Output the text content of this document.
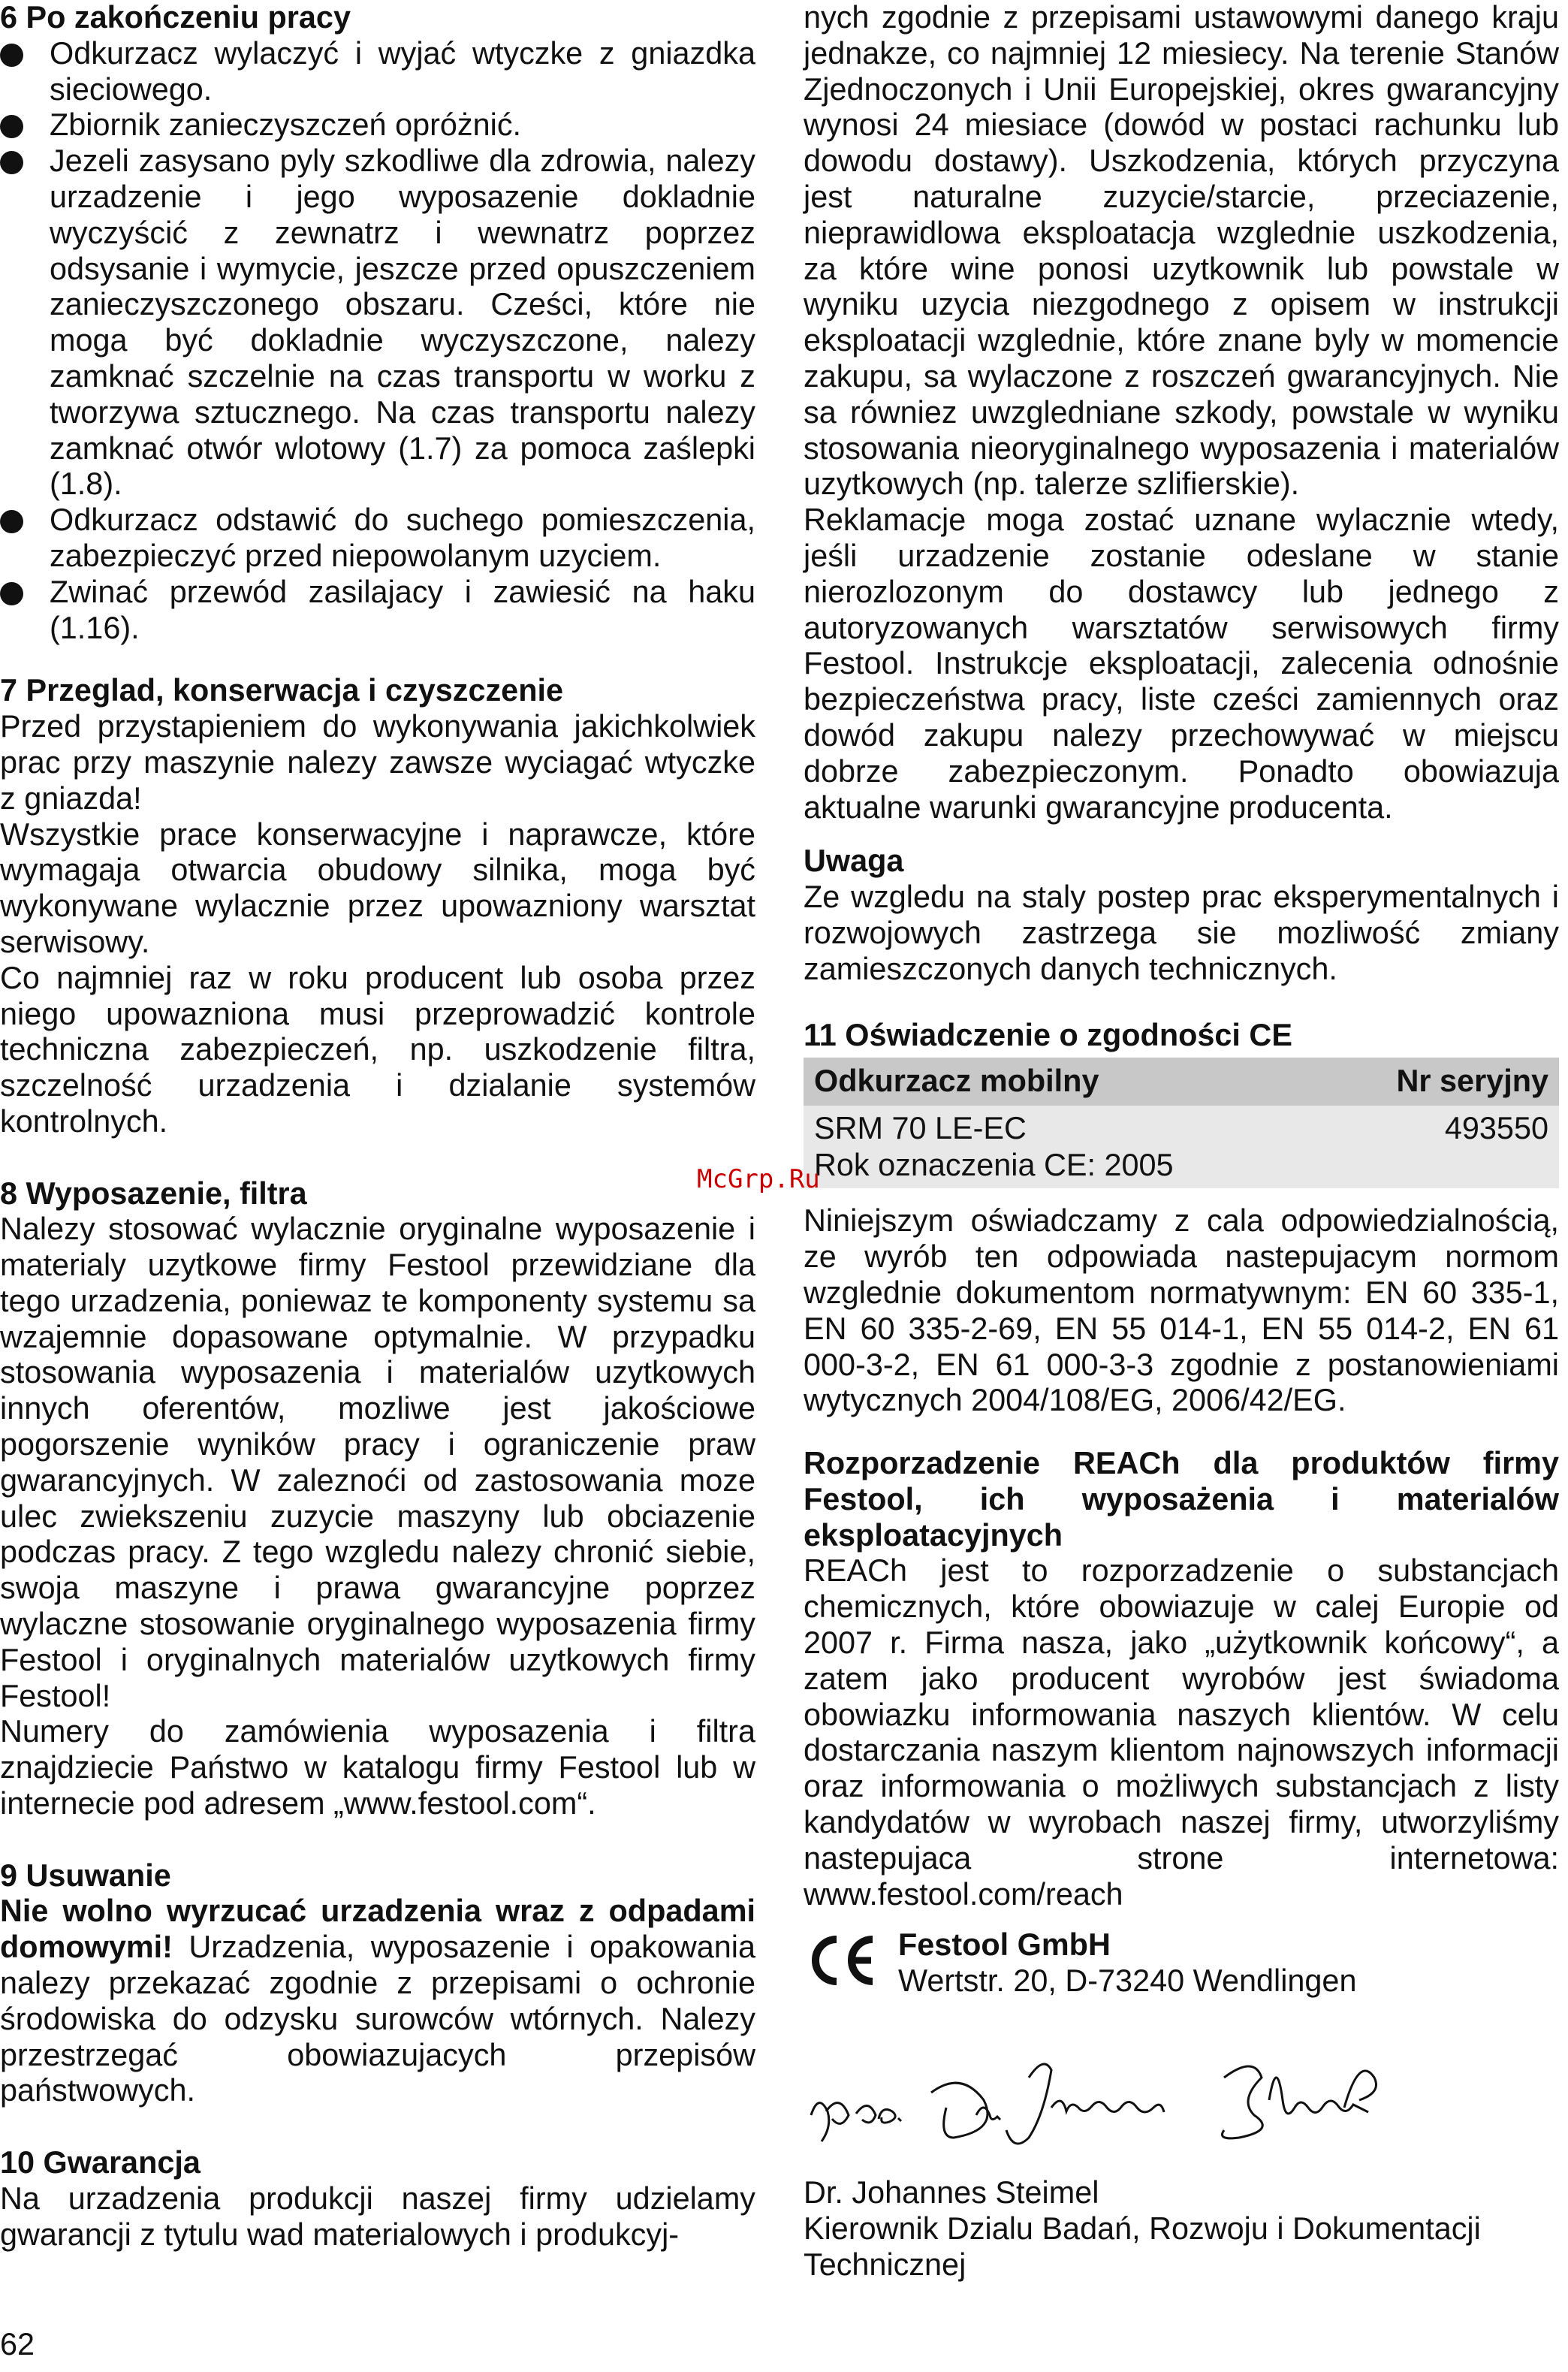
6 Po zakończeniu pracy
Odkurzacz wylaczyć i wyjać wtyczke z gniazdka sieciowego.
Zbiornik zanieczyszczeń opróżnić.
Jezeli zasysano pyly szkodliwe dla zdrowia, nalezy urzadzenie i jego wyposazenie dokladnie wyczyścić z zewnatrz i wewnatrz poprzez odsysanie i wymycie, jeszcze przed opuszczeniem zanieczyszczonego obszaru. Cześci, które nie moga być dokladnie wyczyszczone, nalezy zamknać szczelnie na czas transportu w worku z tworzywa sztucznego. Na czas transportu nalezy zamknać otwór wlotowy (1.7) za pomoca zaślepki (1.8).
Odkurzacz odstawić do suchego pomieszczenia, zabezpieczyć przed niepowolanym uzyciem.
Zwinać przewód zasilajacy i zawiesić na haku (1.16).
7 Przeglad, konserwacja i czyszczenie

Przed przystapieniem do wykonywania jakichkolwiek prac przy maszynie nalezy zawsze wyciagać wtyczke z gniazda!

Wszystkie prace konserwacyjne i naprawcze, które wymagaja otwarcia obudowy silnika, moga być wykonywane wylacznie przez upowazniony warsztat serwisowy.

Co najmniej raz w roku producent lub osoba przez niego upowazniona musi przeprowadzić kontrole techniczna zabezpieczeń, np. uszkodzenie filtra, szczelność urzadzenia i dzialanie systemów kontrolnych.

8 Wyposazenie, filtra

Nalezy stosować wylacznie oryginalne wyposazenie i materialy uzytkowe firmy Festool przewidziane dla tego urzadzenia, poniewaz te komponenty systemu sa wzajemnie dopasowane optymalnie. W przypadku stosowania wyposazenia i materialów uzytkowych innych oferentów, mozliwe jest jakościowe pogorszenie wyników pracy i ograniczenie praw gwarancyjnych. W zaleznoći od zastosowania moze ulec zwiekszeniu zuzycie maszyny lub obciazenie podczas pracy. Z tego wzgledu nalezy chronić siebie, swoja maszyne i prawa gwarancyjne poprzez wylaczne stosowanie oryginalnego wyposazenia firmy Festool i oryginalnych materialów uzytkowych firmy Festool!

Numery do zamówienia wyposazenia i filtra znajdziecie Państwo w katalogu firmy Festool lub w internecie pod adresem „www.festool.com“.

9 Usuwanie

Nie wolno wyrzucać urzadzenia wraz z odpadami domowymi! Urzadzenia, wyposazenie i opakowania nalezy przekazać zgodnie z przepisami o ochronie środowiska do odzysku surowców wtórnych. Nalezy przestrzegać obowiazujacych przepisów państwowych.

10 Gwarancja

Na urzadzenia produkcji naszej firmy udzielamy gwarancji z tytulu wad materialowych i produkcyj-

nych zgodnie z przepisami ustawowymi danego kraju jednakze, co najmniej 12 miesiecy. Na terenie Stanów Zjednoczonych i Unii Europejskiej, okres gwarancyjny wynosi 24 miesiace (dowód w postaci rachunku lub dowodu dostawy). Uszkodzenia, których przyczyna jest naturalne zuzycie/starcie, przeciazenie, nieprawidlowa eksploatacja wzglednie uszkodzenia, za które wine ponosi uzytkownik lub powstale w wyniku uzycia niezgodnego z opisem w instrukcji eksploatacji wzglednie, które znane byly w momencie zakupu, sa wylaczone z roszczeń gwarancyjnych. Nie sa równiez uwzgledniane szkody, powstale w wyniku stosowania nieoryginalnego wyposazenia i materialów uzytkowych (np. talerze szlifierskie).

Reklamacje moga zostać uznane wylacznie wtedy, jeśli urzadzenie zostanie odeslane w stanie nierozlozonym do dostawcy lub jednego z autoryzowanych warsztatów serwisowych firmy Festool. Instrukcje eksploatacji, zalecenia odnośnie bezpieczeństwa pracy, liste cześci zamiennych oraz dowód zakupu nalezy przechowywać w miejscu dobrze zabezpieczonym. Ponadto obowiazuja aktualne warunki gwarancyjne producenta.

Uwaga

Ze wzgledu na staly postep prac eksperymentalnych i rozwojowych zastrzega sie mozliwość zmiany zamieszczonych danych technicznych.

11 Oświadczenie o zgodności CE
Odkurzacz mobilny	Nr seryjny
SRM 70 LE-EC	493550
Rok oznaczenia CE: 2005	

Niniejszym oświadczamy z cala odpowiedzialnością, ze wyrób ten odpowiada nastepujacym normom wzglednie dokumentom normatywnym: EN 60 335-1, EN 60 335-2-69, EN 55 014-1, EN 55 014-2, EN 61 000-3-2, EN 61 000-3-3 zgodnie z postanowieniami wytycznych 2004/108/EG, 2006/42/EG.

Rozporzadzenie REACh dla produktów firmy Festool, ich wyposażenia i materialów eksploatacyjnych

REACh jest to rozporzadzenie o substancjach chemicznych, które obowiazuje w calej Europie od 2007 r. Firma nasza, jako „użytkownik końcowy“, a zatem jako producent wyrobów jest świadoma obowiazku informowania naszych klientów. W celu dostarczania naszym klientom najnowszych informacji oraz informowania o możliwych substancjach z listy kandydatów w wyrobach naszej firmy, utworzyliśmy nastepujaca strone internetowa: www.festool.com/reach

Festool GmbH
Wertstr. 20, D-73240 Wendlingen
Dr. Johannes Steimel
Kierownik Dzialu Badań, Rozwoju i Dokumentacji Technicznej
McGrp.Ru
62
